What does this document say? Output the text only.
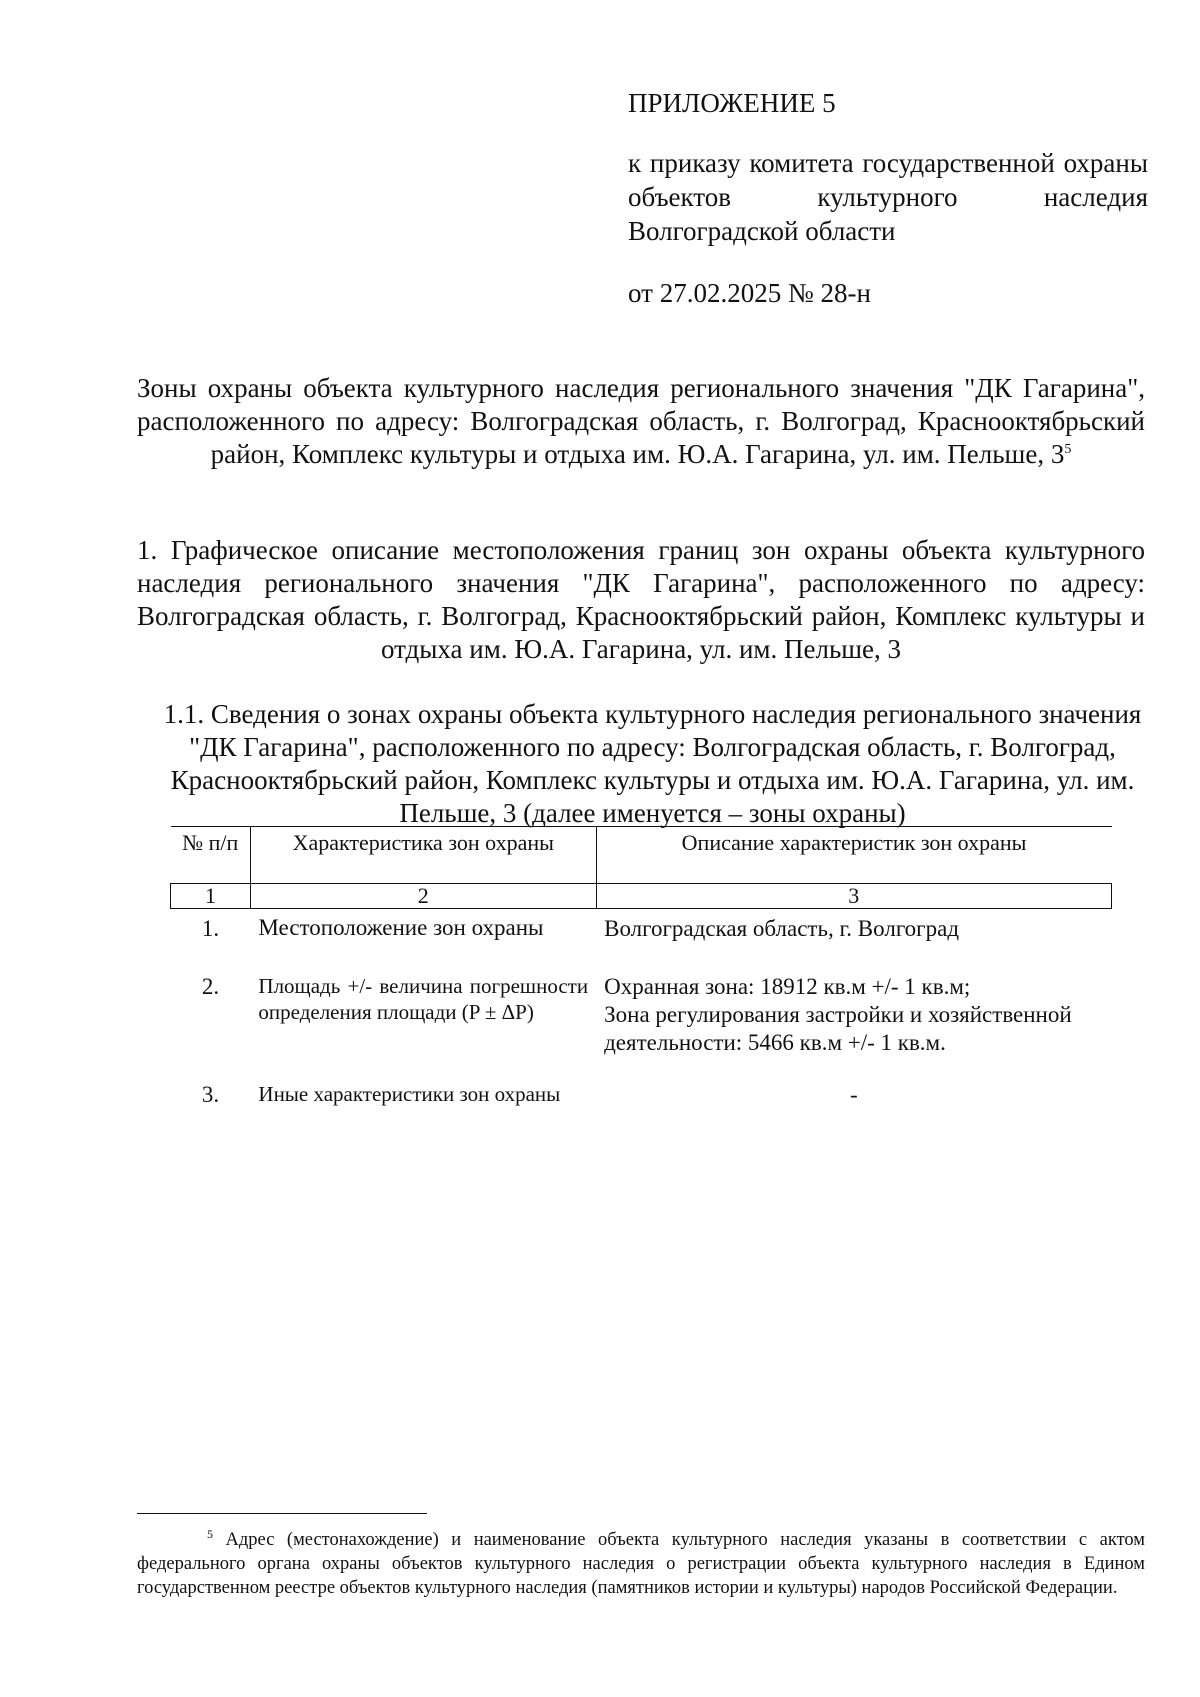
ПРИЛОЖЕНИЕ 5

к приказу комитета государственной охраны объектов культурного наследия Волгоградской области

от 27.02.2025 № 28-н

Зоны охраны объекта культурного наследия регионального значения "ДК Гагарина", расположенного по адресу: Волгоградская область, г. Волгоград, Краснооктябрьский район, Комплекс культуры и отдыха им. Ю.А. Гагарина, ул. им. Пельше, $3^5$

1. Графическое описание местоположения границ зон охраны объекта культурного наследия регионального значения "ДК Гагарина", расположенного по адресу: Волгоградская область, г. Волгоград, Краснооктябрьский район, Комплекс культуры и отдыха им. Ю.А. Гагарина, ул. им. Пельше, 3

1.1. Сведения о зонах охраны объекта культурного наследия регионального значения "ДК Гагарина", расположенного по адресу: Волгоградская область, г. Волгоград, Краснооктябрьский район, Комплекс культуры и отдыха им. Ю.А. Гагарина, ул. им. Пельше, 3 (далее именуется – зоны охраны)

№ п/п	Характеристика зон охраны	Описание характеристик зон охраны
1	2	3
1.	Местоположение зон охраны	Волгоградская область, г. Волгоград

2.	Площадь +/- величина погрешности определения площади (P ± ΔP)	Охранная зона: 18912 кв.м +/- 1 кв.м;
Зона регулирования застройки и хозяйственной деятельности: 5466 кв.м +/- 1 кв.м.

3.	Иные характеристики зон охраны	-

$^5$ Адрес (местонахождение) и наименование объекта культурного наследия указаны в соответствии с актом федерального органа охраны объектов культурного наследия о регистрации объекта культурного наследия в Едином государственном реестре объектов культурного наследия (памятников истории и культуры) народов Российской Федерации.
